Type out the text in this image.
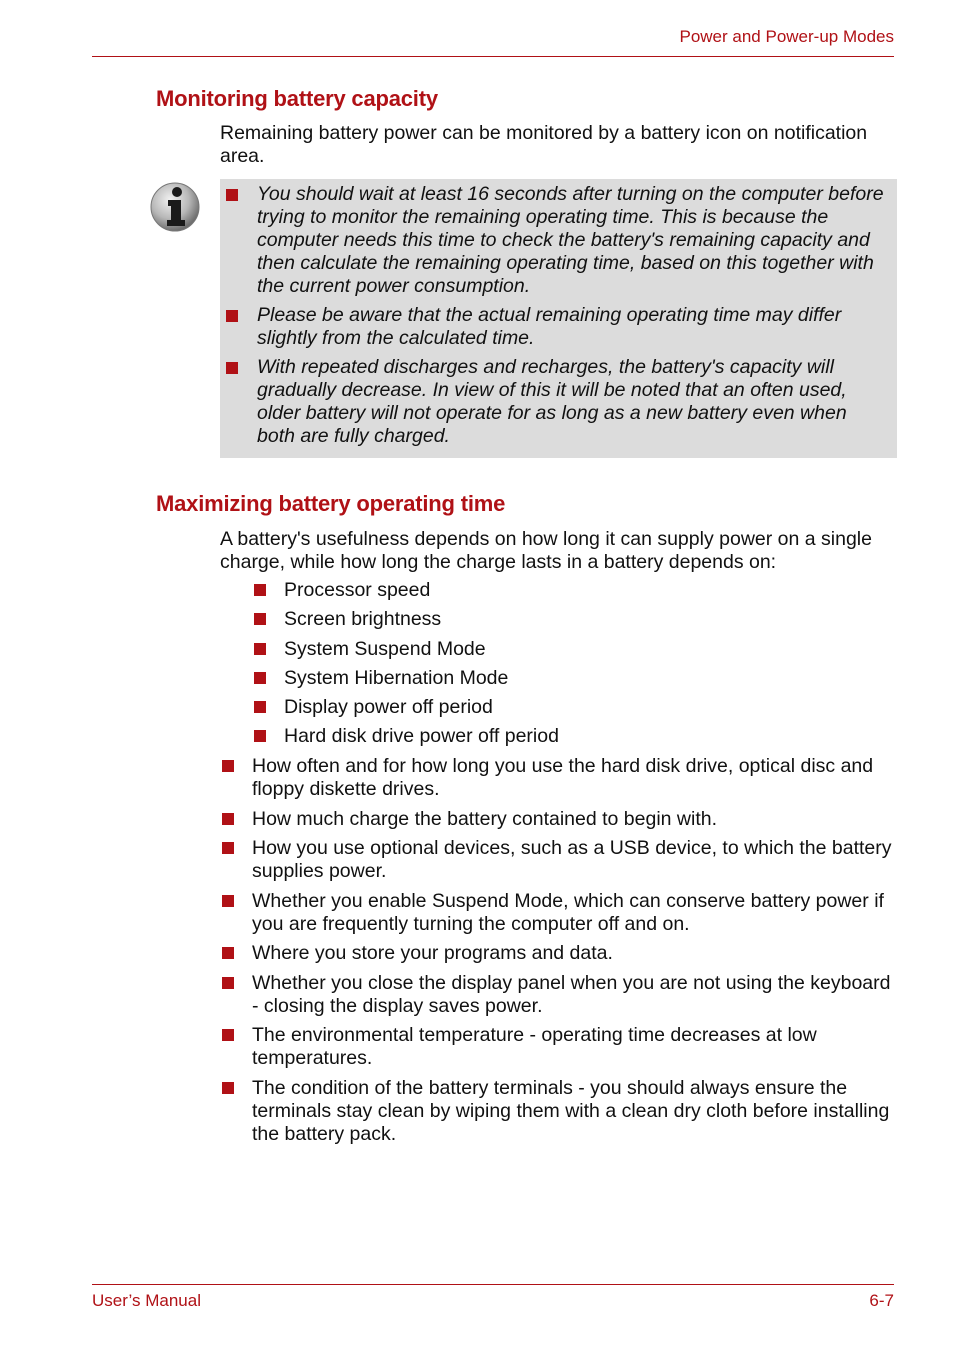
Power and Power-up Modes
Monitoring battery capacity

Remaining battery power can be monitored by a battery icon on notification area.

You should wait at least 16 seconds after turning on the computer before trying to monitor the remaining operating time. This is because the computer needs this time to check the battery's remaining capacity and then calculate the remaining operating time, based on this together with the current power consumption.
Please be aware that the actual remaining operating time may differ slightly from the calculated time.
With repeated discharges and recharges, the battery's capacity will gradually decrease. In view of this it will be noted that an often used, older battery will not operate for as long as a new battery even when both are fully charged.
Maximizing battery operating time

A battery's usefulness depends on how long it can supply power on a single charge, while how long the charge lasts in a battery depends on:

Processor speed
Screen brightness
System Suspend Mode
System Hibernation Mode
Display power off period
Hard disk drive power off period
How often and for how long you use the hard disk drive, optical disc and floppy diskette drives.
How much charge the battery contained to begin with.
How you use optional devices, such as a USB device, to which the battery supplies power.
Whether you enable Suspend Mode, which can conserve battery power if you are frequently turning the computer off and on.
Where you store your programs and data.
Whether you close the display panel when you are not using the keyboard - closing the display saves power.
The environmental temperature - operating time decreases at low temperatures.
The condition of the battery terminals - you should always ensure the terminals stay clean by wiping them with a clean dry cloth before installing the battery pack.
User’s Manual	6-7
